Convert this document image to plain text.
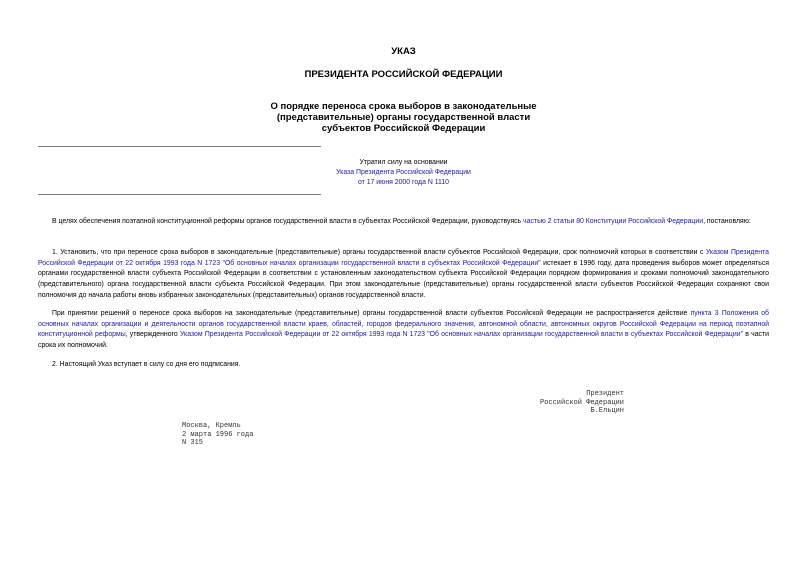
УКАЗ
ПРЕЗИДЕНТА РОССИЙСКОЙ ФЕДЕРАЦИИ
О порядке переноса срока выборов в законодательные
(представительные) органы государственной власти
субъектов Российской Федерации
Утратил силу на основании
Указа Президента Российской Федерации
от 17 июня 2000 года N 1110
В целях обеспечения поэтапной конституционной реформы органов государственной власти в субъектах Российской Федерации, руководствуясь частью 2 статьи 80 Конституции Российской Федерации, постановляю:
1. Установить, что при переносе срока выборов в законодательные (представительные) органы государственной власти субъектов Российской Федерации, срок полномочий которых в соответствии с Указом Президента Российской Федерации от 22 октября 1993 года N 1723 "Об основных началах организации государственной власти в субъектах Российской Федерации" истекает в 1996 году, дата проведения выборов может определяться органами государственной власти субъекта Российской Федерации в соответствии с установленным законодательством субъекта Российской Федерации порядком формирования и сроками полномочий законодательного (представительного) органа государственной власти субъекта Российской Федерации. При этом законодательные (представительные) органы государственной власти субъектов Российской Федерации сохраняют свои полномочия до начала работы вновь избранных законодательных (представительных) органов государственной власти.
При принятии решений о переносе срока выборов на законодательные (представительные) органы государственной власти субъектов Российской Федерации не распространяется действие пункта 3 Положения об основных началах организации и деятельности органов государственной власти краев, областей, городов федерального значения, автономной области, автономных округов Российской Федерации на период поэтапной конституционной реформы, утвержденного Указом Президента Российской Федерации от 22 октября 1993 года N 1723 "Об основных началах организации государственной власти в субъектах Российской Федерации" в части срока их полномочий.
2. Настоящий Указ вступает в силу со дня его подписания.
Президент
Российской Федерации
Б.Ельцин
Москва, Кремль
2 марта 1996 года
N 315
